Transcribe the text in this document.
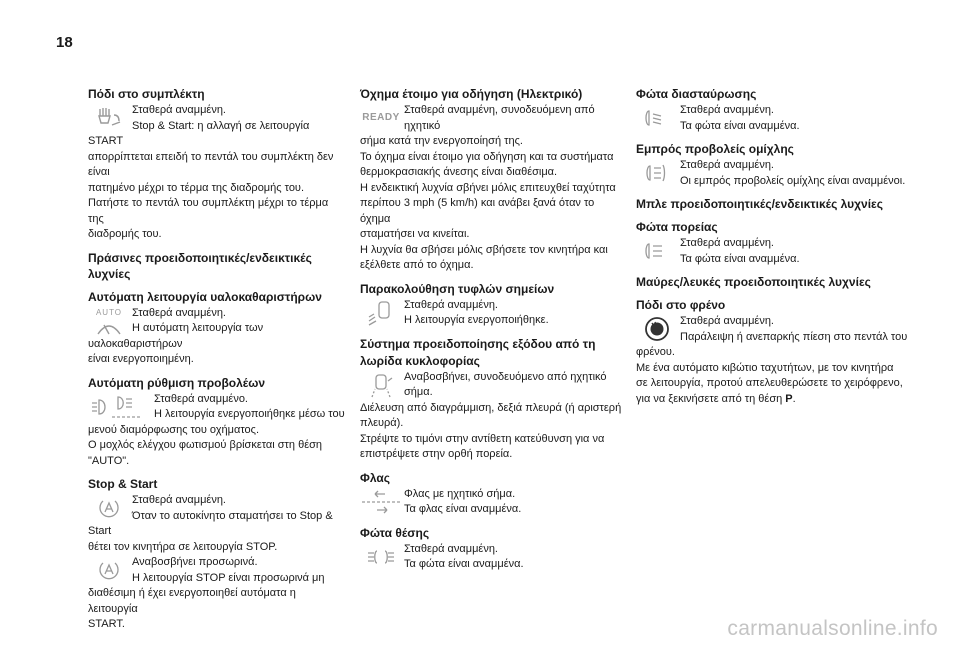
18
Πόδι στο συμπλέκτη
Σταθερά αναμμένη.
Stop & Start: η αλλαγή σε λειτουργία START
απορρίπτεται επειδή το πεντάλ του συμπλέκτη δεν είναι
πατημένο μέχρι το τέρμα της διαδρομής του.
Πατήστε το πεντάλ του συμπλέκτη μέχρι το τέρμα της
διαδρομής του.
Πράσινες προειδοποιητικές/ενδεικτικές λυχνίες
Αυτόματη λειτουργία υαλοκαθαριστήρων
AUTO Σταθερά αναμμένη.
Η αυτόματη λειτουργία των υαλοκαθαριστήρων
είναι ενεργοποιημένη.
Αυτόματη ρύθμιση προβολέων
Σταθερά αναμμένο.
Η λειτουργία ενεργοποιήθηκε μέσω του
μενού διαμόρφωσης του οχήματος.
Ο μοχλός ελέγχου φωτισμού βρίσκεται στη θέση
"AUTO".
Stop & Start
Σταθερά αναμμένη.
Όταν το αυτοκίνητο σταματήσει το Stop & Start
θέτει τον κινητήρα σε λειτουργία STOP.
Αναβοσβήνει προσωρινά.
Η λειτουργία STOP είναι προσωρινά μη
διαθέσιμη ή έχει ενεργοποιηθεί αυτόματα η λειτουργία
START.
Όχημα έτοιμο για οδήγηση (Ηλεκτρικό)
READY
Σταθερά αναμμένη, συνοδευόμενη από ηχητικό
σήμα κατά την ενεργοποίησή της.
Το όχημα είναι έτοιμο για οδήγηση και τα συστήματα
θερμοκρασιακής άνεσης είναι διαθέσιμα.
Η ενδεικτική λυχνία σβήνει μόλις επιτευχθεί ταχύτητα
περίπου 3 mph (5 km/h) και ανάβει ξανά όταν το όχημα
σταματήσει να κινείται.
Η λυχνία θα σβήσει μόλις σβήσετε τον κινητήρα και
εξέλθετε από το όχημα.
Παρακολούθηση τυφλών σημείων
Σταθερά αναμμένη.
Η λειτουργία ενεργοποιήθηκε.
Σύστημα προειδοποίησης εξόδου από τη
λωρίδα κυκλοφορίας
Αναβοσβήνει, συνοδευόμενο από ηχητικό
σήμα.
Διέλευση από διαγράμμιση, δεξιά πλευρά (ή αριστερή
πλευρά).
Στρέψτε το τιμόνι στην αντίθετη κατεύθυνση για να
επιστρέψετε στην ορθή πορεία.
Φλας
Φλας με ηχητικό σήμα.
Τα φλας είναι αναμμένα.
Φώτα θέσης
Σταθερά αναμμένη.
Τα φώτα είναι αναμμένα.
Φώτα διασταύρωσης
Σταθερά αναμμένη.
Τα φώτα είναι αναμμένα.
Εμπρός προβολείς ομίχλης
Σταθερά αναμμένη.
Οι εμπρός προβολείς ομίχλης είναι αναμμένοι.
Μπλε προειδοποιητικές/ενδεικτικές λυχνίες
Φώτα πορείας
Σταθερά αναμμένη.
Τα φώτα είναι αναμμένα.
Μαύρες/λευκές προειδοποιητικές λυχνίες
Πόδι στο φρένο
Σταθερά αναμμένη.
Παράλειψη ή ανεπαρκής πίεση στο πεντάλ του
φρένου.
Με ένα αυτόματο κιβώτιο ταχυτήτων, με τον κινητήρα
σε λειτουργία, προτού απελευθερώσετε το χειρόφρενο,
για να ξεκινήσετε από τη θέση P.
carmanualsonline.info
